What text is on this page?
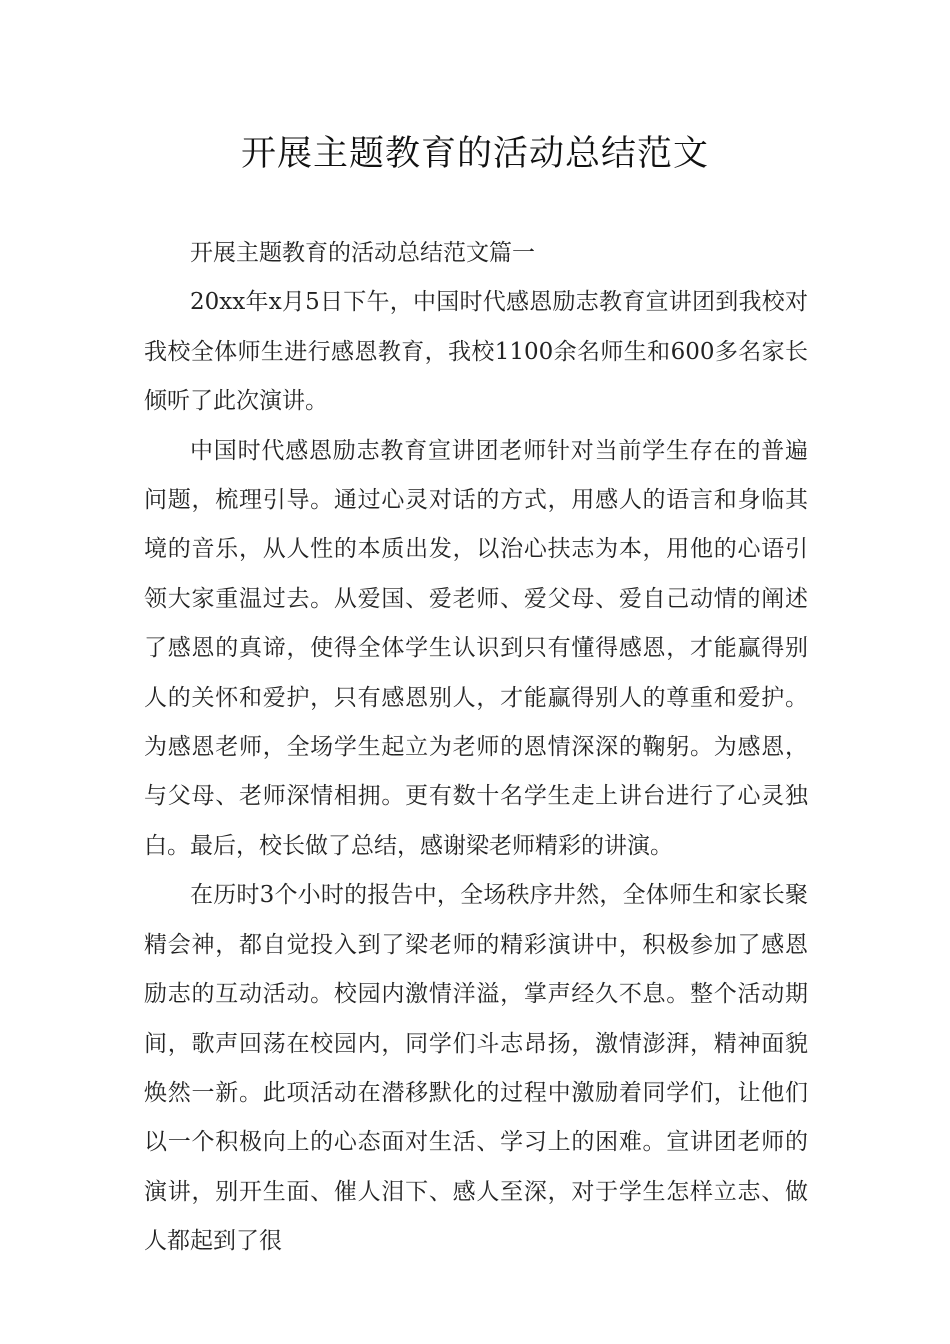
开展主题教育的活动总结范文

开展主题教育的活动总结范文篇一

20xx年x月5日下午，中国时代感恩励志教育宣讲团到我校对我校全体师生进行感恩教育，我校1100余名师生和600多名家长倾听了此次演讲。

中国时代感恩励志教育宣讲团老师针对当前学生存在的普遍问题，梳理引导。通过心灵对话的方式，用感人的语言和身临其境的音乐，从人性的本质出发，以治心扶志为本，用他的心语引领大家重温过去。从爱国、爱老师、爱父母、爱自己动情的阐述了感恩的真谛，使得全体学生认识到只有懂得感恩，才能赢得别人的关怀和爱护，只有感恩别人，才能赢得别人的尊重和爱护。为感恩老师，全场学生起立为老师的恩情深深的鞠躬。为感恩，与父母、老师深情相拥。更有数十名学生走上讲台进行了心灵独白。最后，校长做了总结，感谢梁老师精彩的讲演。

在历时3个小时的报告中，全场秩序井然，全体师生和家长聚精会神，都自觉投入到了梁老师的精彩演讲中，积极参加了感恩励志的互动活动。校园内激情洋溢，掌声经久不息。整个活动期间，歌声回荡在校园内，同学们斗志昂扬，激情澎湃，精神面貌焕然一新。此项活动在潜移默化的过程中激励着同学们，让他们以一个积极向上的心态面对生活、学习上的困难。宣讲团老师的演讲，别开生面、催人泪下、感人至深，对于学生怎样立志、做人都起到了很
